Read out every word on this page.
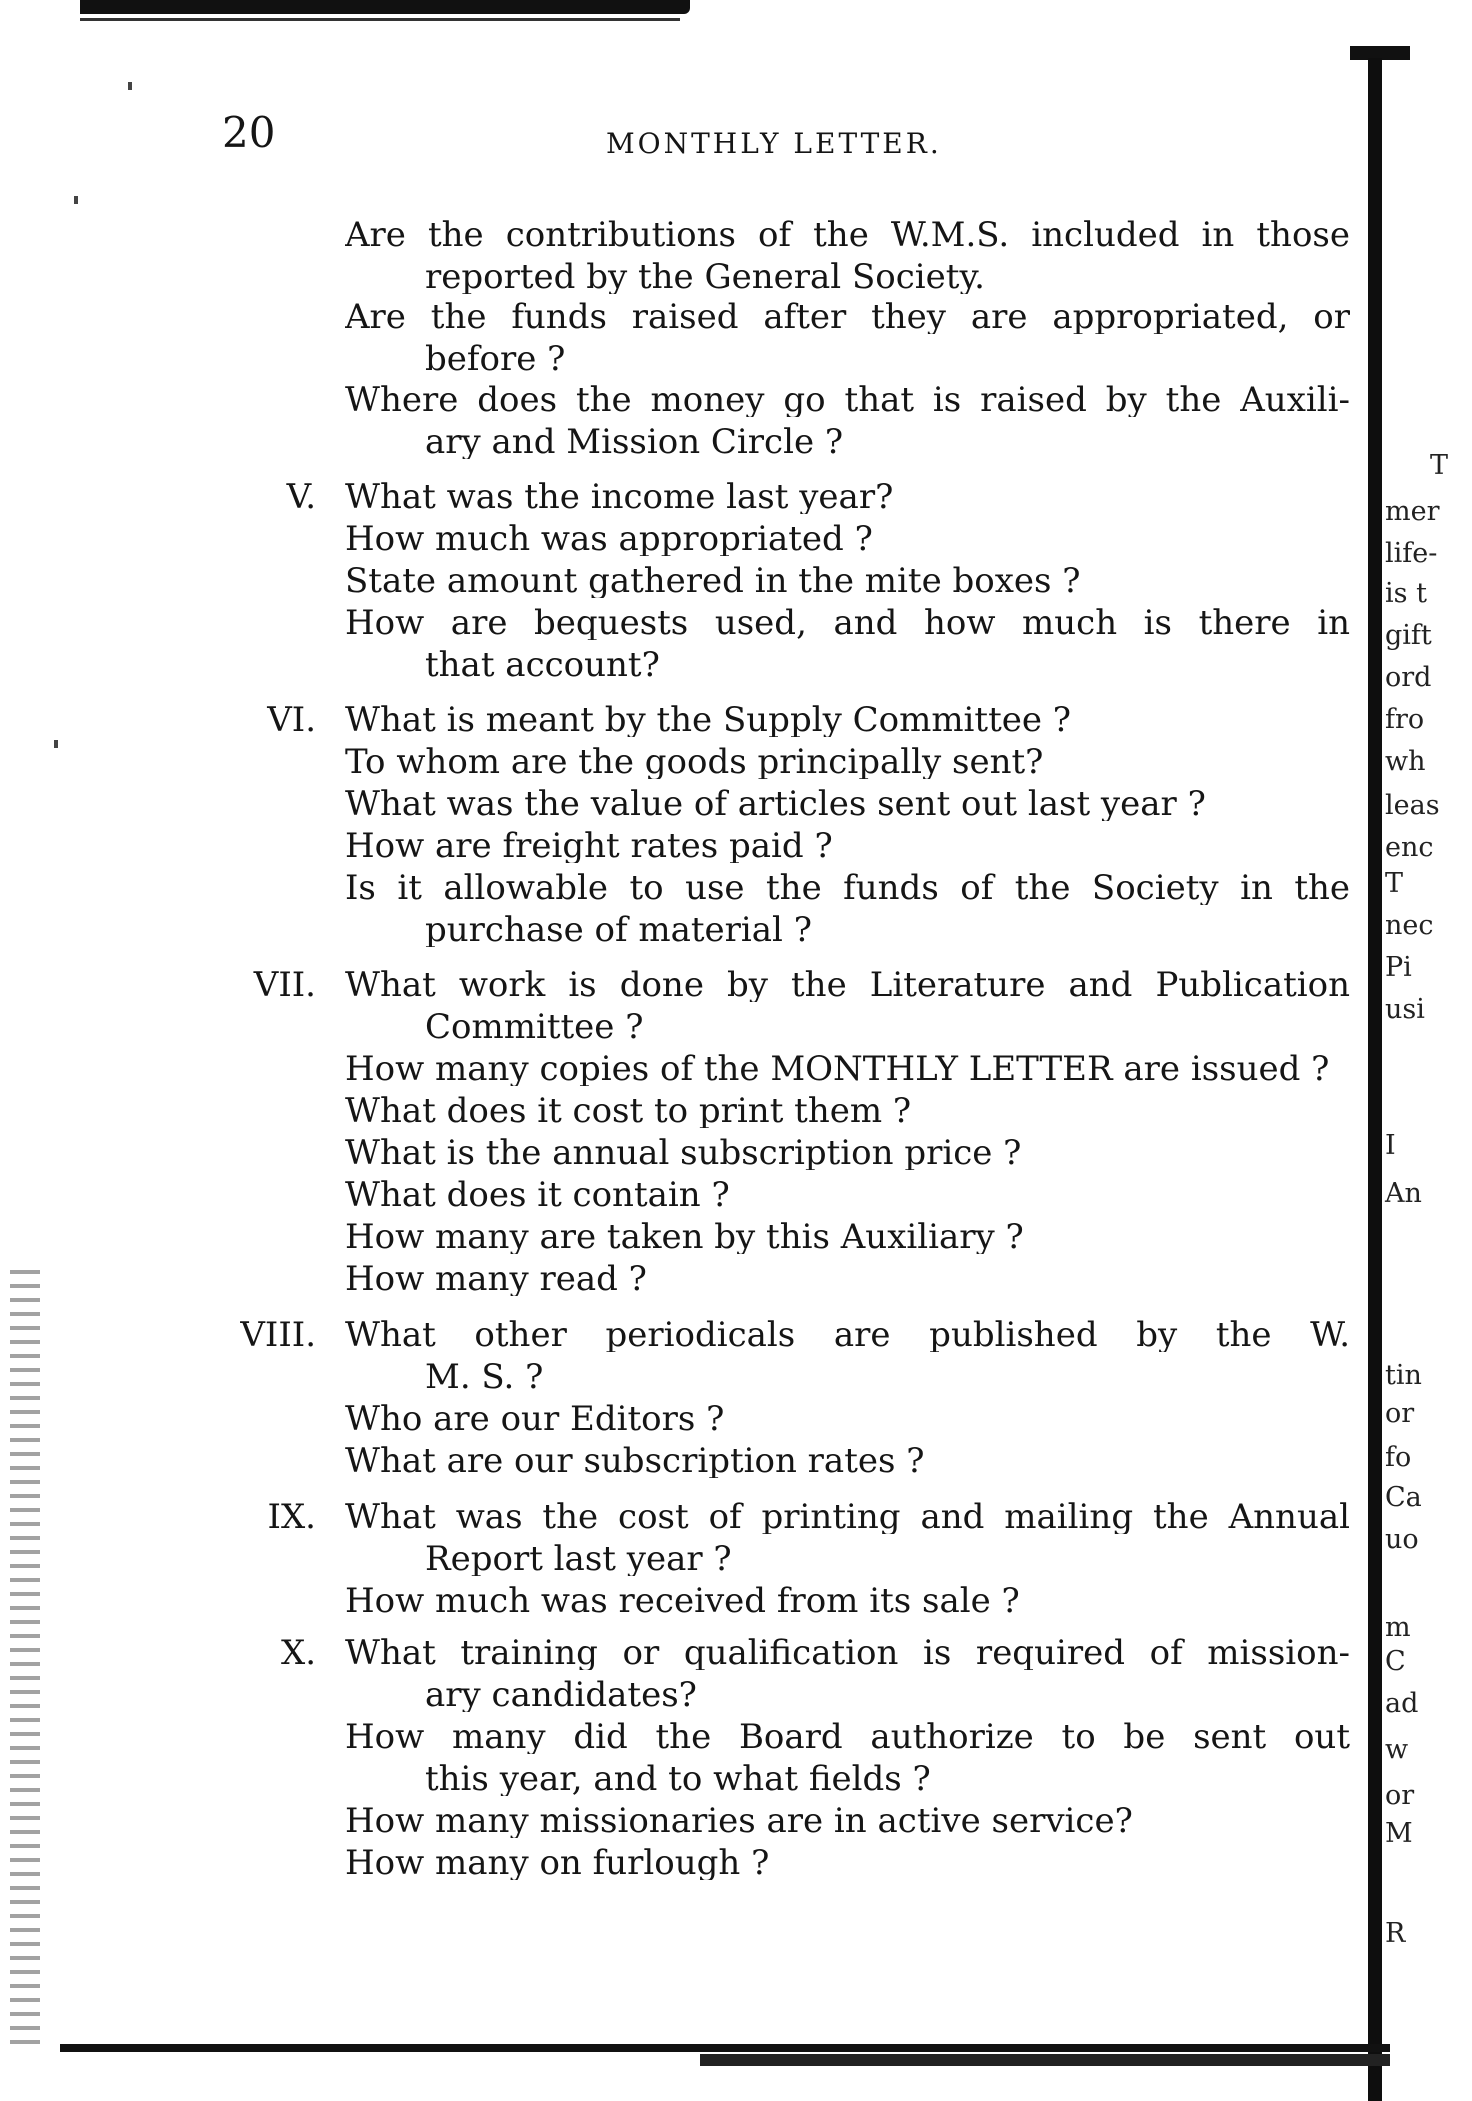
20	MONTHLY LETTER.
Are the contributions of the W.M.S. included in those
reported by the General Society.
Are the funds raised after they are appropriated, or
before ?
Where does the money go that is raised by the Auxili-
ary and Mission Circle ?
V. What was the income last year?
How much was appropriated ?
State amount gathered in the mite boxes ?
How are bequests used, and how much is there in
that account?
VI. What is meant by the Supply Committee ?
To whom are the goods principally sent?
What was the value of articles sent out last year ?
How are freight rates paid ?
Is it allowable to use the funds of the Society in the
purchase of material ?
VII. What work is done by the Literature and Publication
Committee ?
How many copies of the MONTHLY LETTER are issued ?
What does it cost to print them ?
What is the annual subscription price ?
What does it contain ?
How many are taken by this Auxiliary ?
How many read ?
VIII. What other periodicals are published by the W.
M. S. ?
Who are our Editors ?
What are our subscription rates ?
IX. What was the cost of printing and mailing the Annual
Report last year ?
How much was received from its sale ?
X. What training or qualification is required of mission-
ary candidates?
How many did the Board authorize to be sent out
this year, and to what fields ?
How many missionaries are in active service?
How many on furlough ?
T
mer
life-
is t
gift
ord
fro
wh
leas
enc
T
nec
Pi
usi
I
An
tin
or
fo
Ca
uo
m
C
ad
w
or
M
R
